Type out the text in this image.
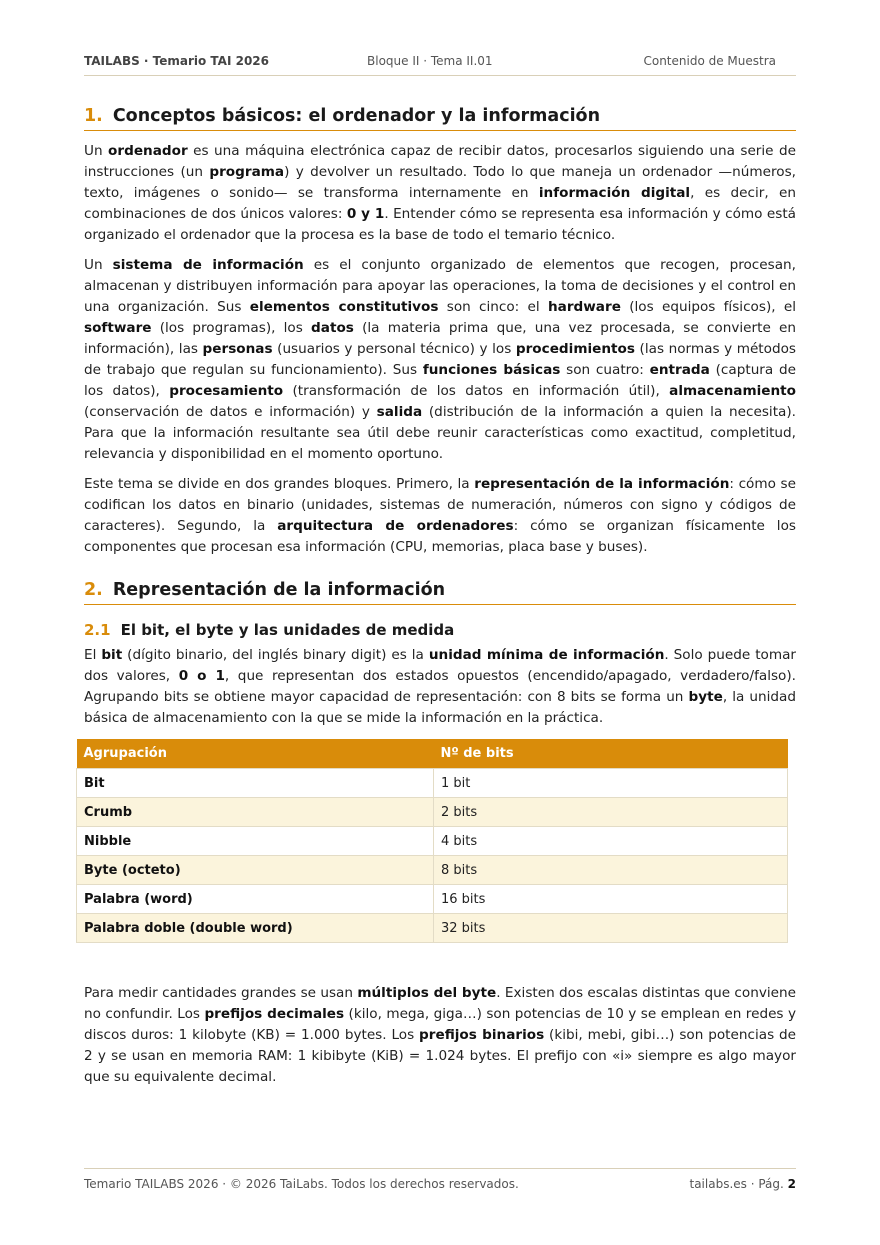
TAILABS · Temario TAI 2026	Bloque II · Tema II.01	Contenido de Muestra
1. Conceptos básicos: el ordenador y la información

Un ordenador es una máquina electrónica capaz de recibir datos, procesarlos siguiendo una serie de instrucciones (un programa) y devolver un resultado. Todo lo que maneja un ordenador —números, texto, imágenes o sonido— se transforma internamente en información digital, es decir, en combinaciones de dos únicos valores: 0 y 1. Entender cómo se representa esa información y cómo está organizado el ordenador que la procesa es la base de todo el temario técnico.

Un sistema de información es el conjunto organizado de elementos que recogen, procesan, almacenan y distribuyen información para apoyar las operaciones, la toma de decisiones y el control en una organización. Sus elementos constitutivos son cinco: el hardware (los equipos físicos), el software (los programas), los datos (la materia prima que, una vez procesada, se convierte en información), las personas (usuarios y personal técnico) y los procedimientos (las normas y métodos de trabajo que regulan su funcionamiento). Sus funciones básicas son cuatro: entrada (captura de los datos), procesamiento (transformación de los datos en información útil), almacenamiento (conservación de datos e información) y salida (distribución de la información a quien la necesita). Para que la información resultante sea útil debe reunir características como exactitud, completitud, relevancia y disponibilidad en el momento oportuno.

Este tema se divide en dos grandes bloques. Primero, la representación de la información: cómo se codifican los datos en binario (unidades, sistemas de numeración, números con signo y códigos de caracteres). Segundo, la arquitectura de ordenadores: cómo se organizan físicamente los componentes que procesan esa información (CPU, memorias, placa base y buses).

2. Representación de la información
2.1 El bit, el byte y las unidades de medida

El bit (dígito binario, del inglés binary digit) es la unidad mínima de información. Solo puede tomar dos valores, 0 o 1, que representan dos estados opuestos (encendido/apagado, verdadero/falso). Agrupando bits se obtiene mayor capacidad de representación: con 8 bits se forma un byte, la unidad básica de almacenamiento con la que se mide la información en la práctica.

Agrupación	Nº de bits
Bit	1 bit
Crumb	2 bits
Nibble	4 bits
Byte (octeto)	8 bits
Palabra (word)	16 bits
Palabra doble (double word)	32 bits

Para medir cantidades grandes se usan múltiplos del byte. Existen dos escalas distintas que conviene no confundir. Los prefijos decimales (kilo, mega, giga…) son potencias de 10 y se emplean en redes y discos duros: 1 kilobyte (KB) = 1.000 bytes. Los prefijos binarios (kibi, mebi, gibi…) son potencias de 2 y se usan en memoria RAM: 1 kibibyte (KiB) = 1.024 bytes. El prefijo con «i» siempre es algo mayor que su equivalente decimal.

Temario TAILABS 2026 · © 2026 TaiLabs. Todos los derechos reservados.	tailabs.es · Pág. 2
